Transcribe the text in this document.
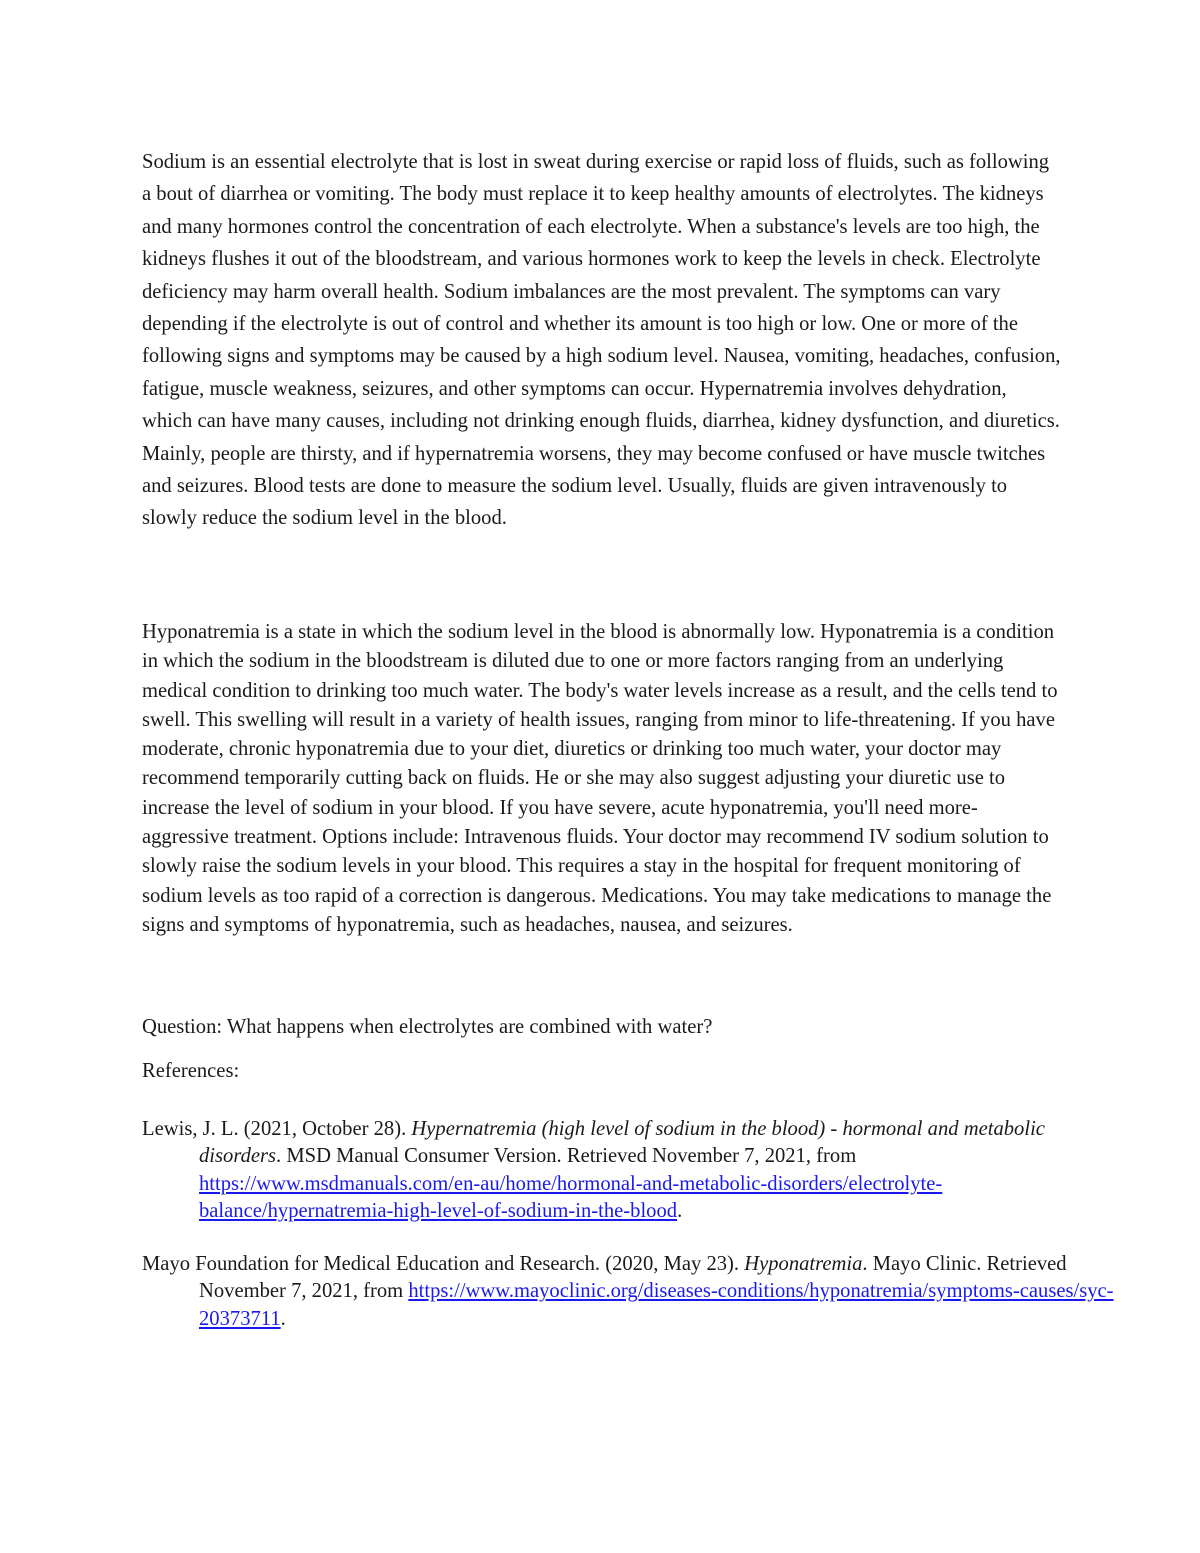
Sodium is an essential electrolyte that is lost in sweat during exercise or rapid loss of fluids, such as following a bout of diarrhea or vomiting. The body must replace it to keep healthy amounts of electrolytes. The kidneys and many hormones control the concentration of each electrolyte. When a substance's levels are too high, the kidneys flushes it out of the bloodstream, and various hormones work to keep the levels in check. Electrolyte deficiency may harm overall health. Sodium imbalances are the most prevalent. The symptoms can vary depending if the electrolyte is out of control and whether its amount is too high or low. One or more of the following signs and symptoms may be caused by a high sodium level. Nausea, vomiting, headaches, confusion, fatigue, muscle weakness, seizures, and other symptoms can occur. Hypernatremia involves dehydration, which can have many causes, including not drinking enough fluids, diarrhea, kidney dysfunction, and diuretics. Mainly, people are thirsty, and if hypernatremia worsens, they may become confused or have muscle twitches and seizures. Blood tests are done to measure the sodium level. Usually, fluids are given intravenously to slowly reduce the sodium level in the blood.

Hyponatremia is a state in which the sodium level in the blood is abnormally low. Hyponatremia is a condition in which the sodium in the bloodstream is diluted due to one or more factors ranging from an underlying medical condition to drinking too much water. The body's water levels increase as a result, and the cells tend to swell. This swelling will result in a variety of health issues, ranging from minor to life-threatening. If you have moderate, chronic hyponatremia due to your diet, diuretics or drinking too much water, your doctor may recommend temporarily cutting back on fluids. He or she may also suggest adjusting your diuretic use to increase the level of sodium in your blood. If you have severe, acute hyponatremia, you'll need more-aggressive treatment. Options include: Intravenous fluids. Your doctor may recommend IV sodium solution to slowly raise the sodium levels in your blood. This requires a stay in the hospital for frequent monitoring of sodium levels as too rapid of a correction is dangerous. Medications. You may take medications to manage the signs and symptoms of hyponatremia, such as headaches, nausea, and seizures.

Question: What happens when electrolytes are combined with water?

References:

Lewis, J. L. (2021, October 28). Hypernatremia (high level of sodium in the blood) - hormonal and metabolic disorders. MSD Manual Consumer Version. Retrieved November 7, 2021, from https://www.msdmanuals.com/en-au/home/hormonal-and-metabolic-disorders/electrolyte-balance/hypernatremia-high-level-of-sodium-in-the-blood.

Mayo Foundation for Medical Education and Research. (2020, May 23). Hyponatremia. Mayo Clinic. Retrieved November 7, 2021, from https://www.mayoclinic.org/diseases-conditions/hyponatremia/symptoms-causes/syc-20373711.
